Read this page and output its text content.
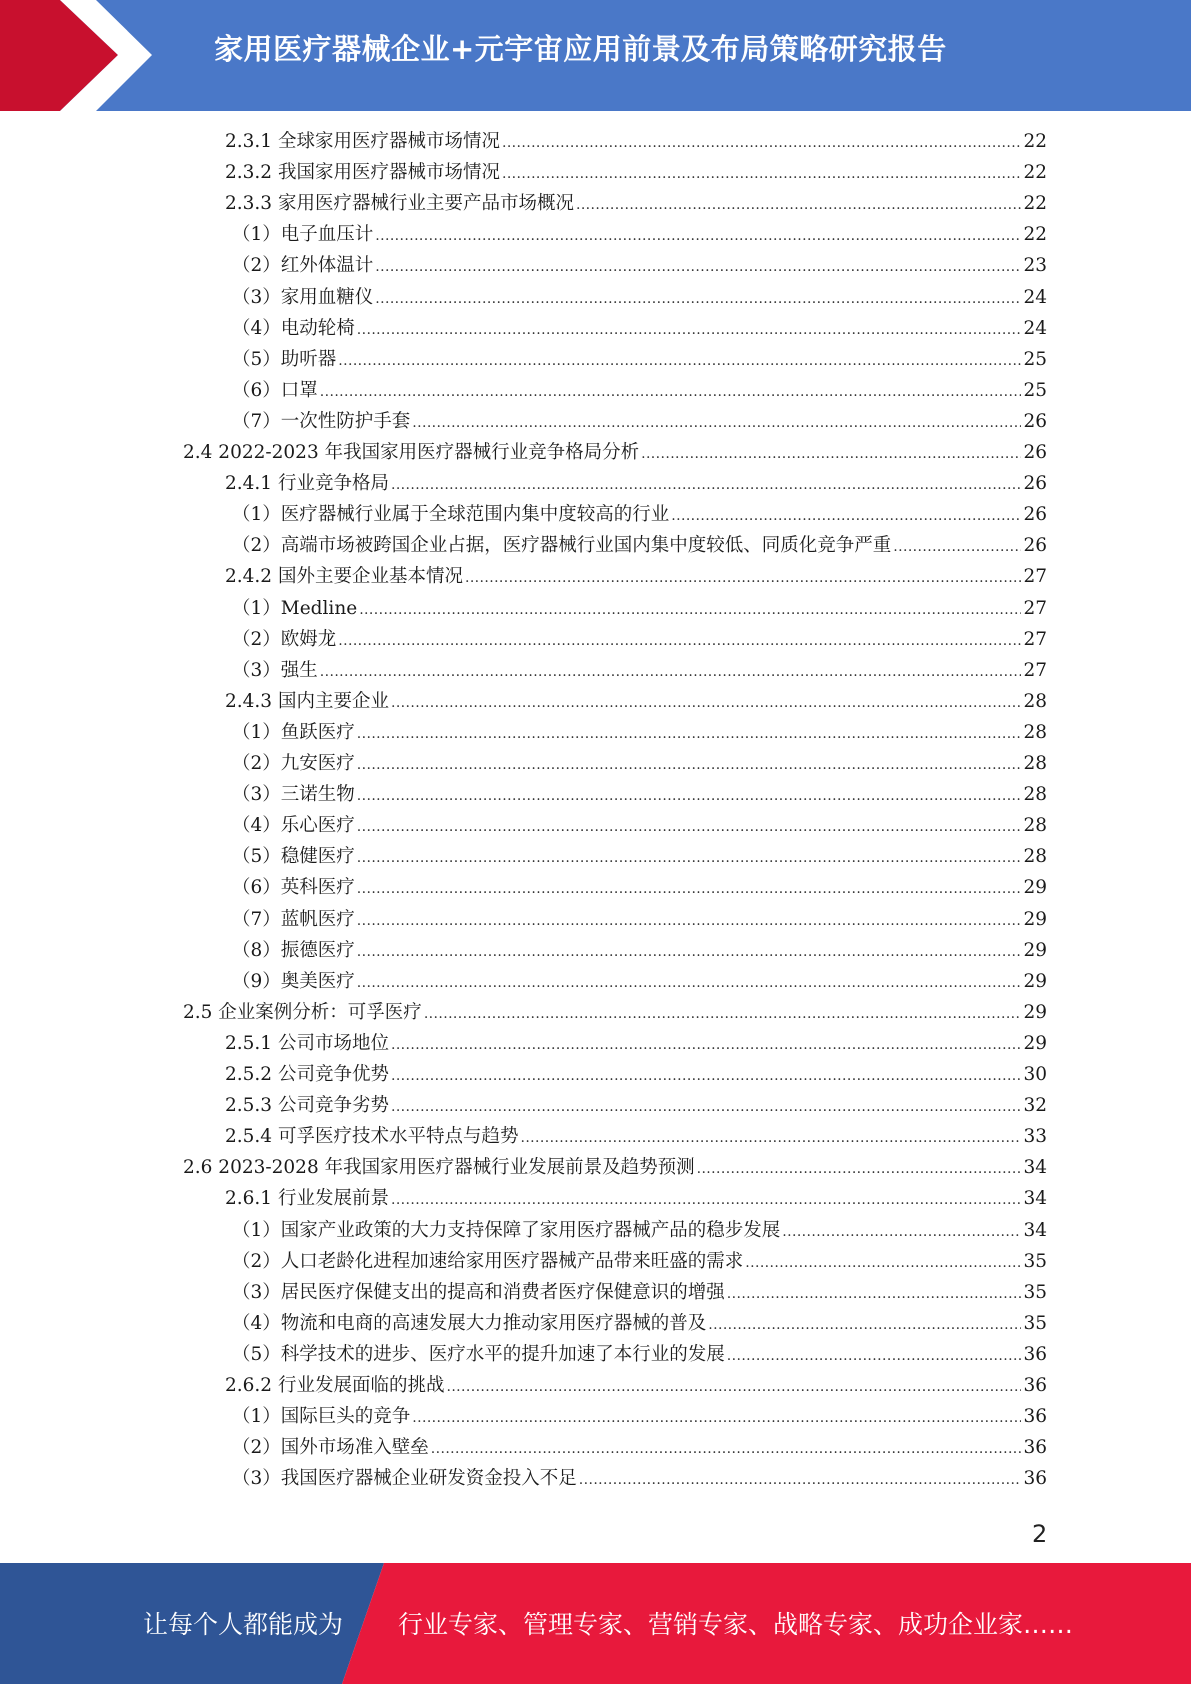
家用医疗器械企业+元宇宙应用前景及布局策略研究报告
2.3.1 全球家用医疗器械市场情况 .....	22
2.3.2 我国家用医疗器械市场情况 .....	22
2.3.3 家用医疗器械行业主要产品市场概况 .....	22
（1）电子血压计 .....	22
（2）红外体温计 .....	23
（3）家用血糖仪 .....	24
（4）电动轮椅 .....	24
（5）助听器 .....	25
（6）口罩 .....	25
（7）一次性防护手套 .....	26
2.4 2022-2023 年我国家用医疗器械行业竞争格局分析 .....	26
2.4.1 行业竞争格局 .....	26
（1）医疗器械行业属于全球范围内集中度较高的行业 .....	26
（2）高端市场被跨国企业占据，医疗器械行业国内集中度较低、同质化竞争严重 .....	26
2.4.2 国外主要企业基本情况 .....	27
（1）Medline .....	27
（2）欧姆龙 .....	27
（3）强生 .....	27
2.4.3 国内主要企业 .....	28
（1）鱼跃医疗 .....	28
（2）九安医疗 .....	28
（3）三诺生物 .....	28
（4）乐心医疗 .....	28
（5）稳健医疗 .....	28
（6）英科医疗 .....	29
（7）蓝帆医疗 .....	29
（8）振德医疗 .....	29
（9）奥美医疗 .....	29
2.5 企业案例分析：可孚医疗 .....	29
2.5.1 公司市场地位 .....	29
2.5.2 公司竞争优势 .....	30
2.5.3 公司竞争劣势 .....	32
2.5.4 可孚医疗技术水平特点与趋势 .....	33
2.6 2023-2028 年我国家用医疗器械行业发展前景及趋势预测 .....	34
2.6.1 行业发展前景 .....	34
（1）国家产业政策的大力支持保障了家用医疗器械产品的稳步发展 .....	34
（2）人口老龄化进程加速给家用医疗器械产品带来旺盛的需求 .....	35
（3）居民医疗保健支出的提高和消费者医疗保健意识的增强 .....	35
（4）物流和电商的高速发展大力推动家用医疗器械的普及 .....	35
（5）科学技术的进步、医疗水平的提升加速了本行业的发展 .....	36
2.6.2 行业发展面临的挑战 .....	36
（1）国际巨头的竞争 .....	36
（2）国外市场准入壁垒 .....	36
（3）我国医疗器械企业研发资金投入不足 .....	36
2
让每个人都能成为 行业专家、管理专家、营销专家、战略专家、成功企业家……
